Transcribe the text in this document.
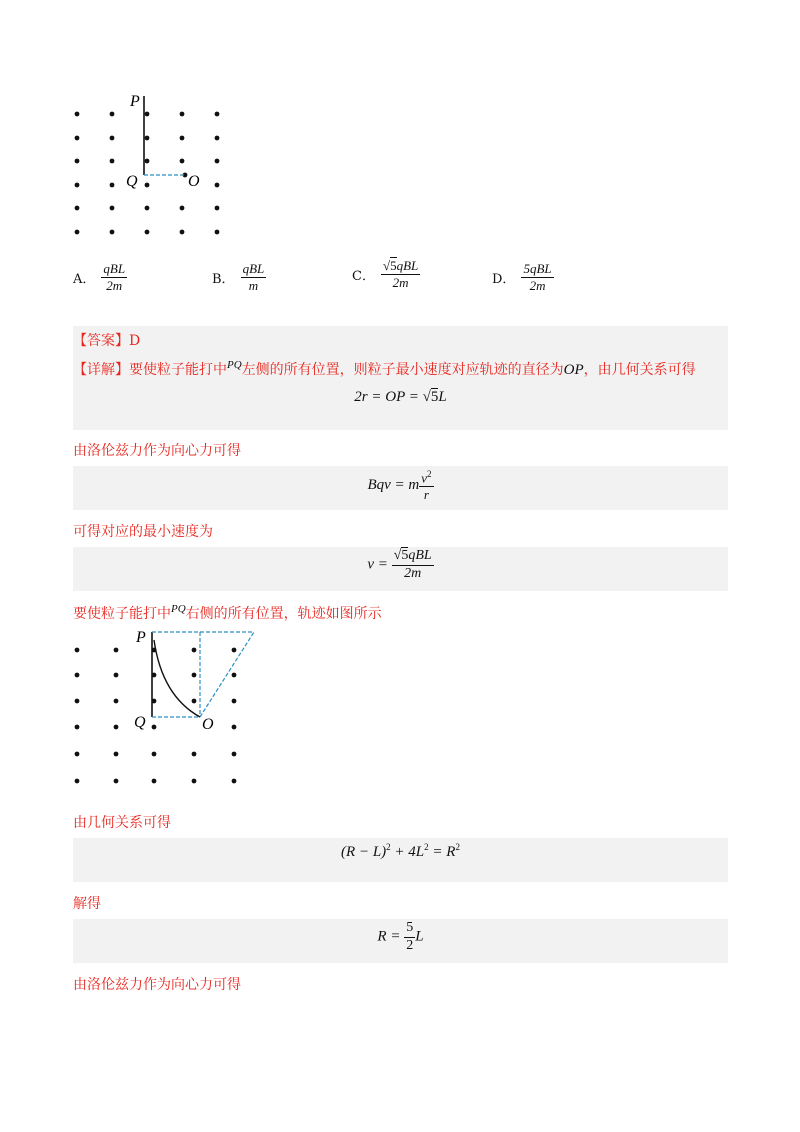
P
Q	O
A． $\frac{\text{qBL}}{2m}$	B． $\frac{\text{qBL}}{m}$	C． $\frac{\text{√5qBL}}{2m}$	D． $\frac{\text{5qBL}}{2m}$
【答案】D
【详解】要使粒子能打中$^{PQ}$左侧的所有位置，则粒子最小速度对应轨迹的直径为OP，由几何关系可得
2r = OP = √5L
由洛伦兹力作为向心力可得
Bqv = m $\frac{v^2}{r}$
可得对应的最小速度为
$v = \frac{\text{√5qBL}}{2m}$
要使粒子能打中$^{PQ}$右侧的所有位置，轨迹如图所示
P
Q	O
由几何关系可得
$(R - L)^2 + 4L^2 = R^2$
解得
$R = \frac{5}{2}$ L
由洛伦兹力作为向心力可得
